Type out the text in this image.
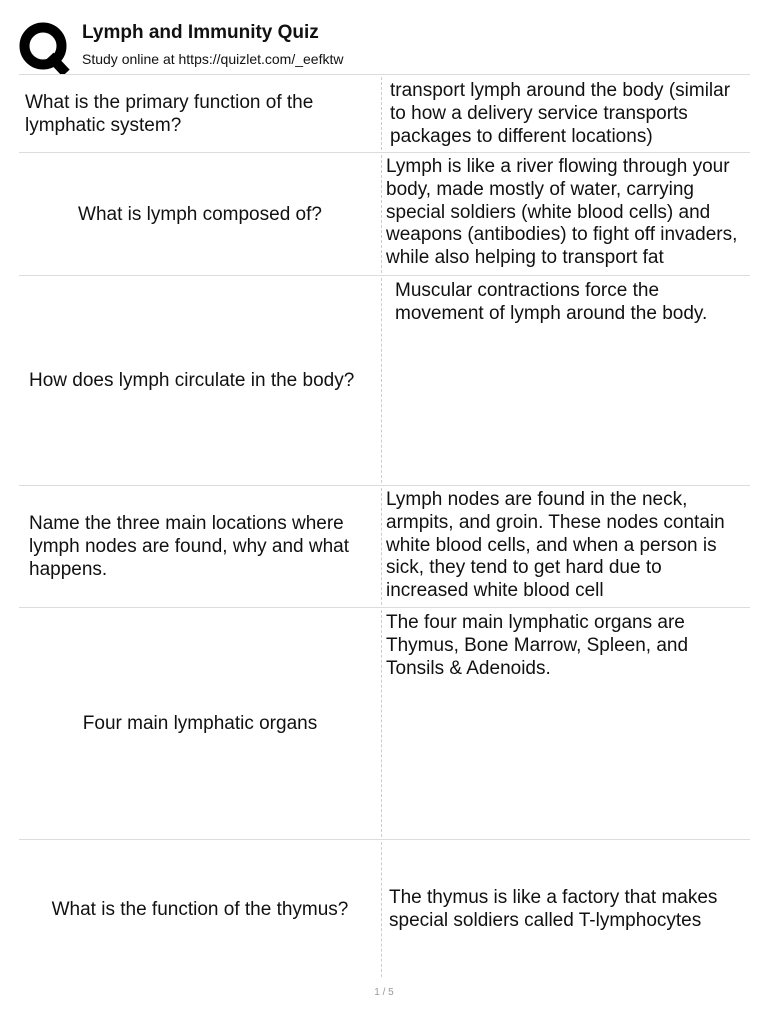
Lymph and Immunity Quiz
Study online at https://quizlet.com/_eefktw
What is the primary function of the lymphatic system?
transport lymph around the body (similar to how a delivery service transports packages to different locations)
What is lymph composed of?
Lymph is like a river flowing through your body, made mostly of water, carrying special soldiers (white blood cells) and weapons (antibodies) to fight off invaders, while also helping to transport fat
How does lymph circulate in the body?
Muscular contractions force the movement of lymph around the body.
Name the three main locations where lymph nodes are found, why and what happens.
Lymph nodes are found in the neck, armpits, and groin. These nodes contain white blood cells, and when a person is sick, they tend to get hard due to increased white blood cell
Four main lymphatic organs
The four main lymphatic organs are Thymus, Bone Marrow, Spleen, and Tonsils & Adenoids.
What is the function of the thymus?
The thymus is like a factory that makes special soldiers called T-lymphocytes
1 / 5
